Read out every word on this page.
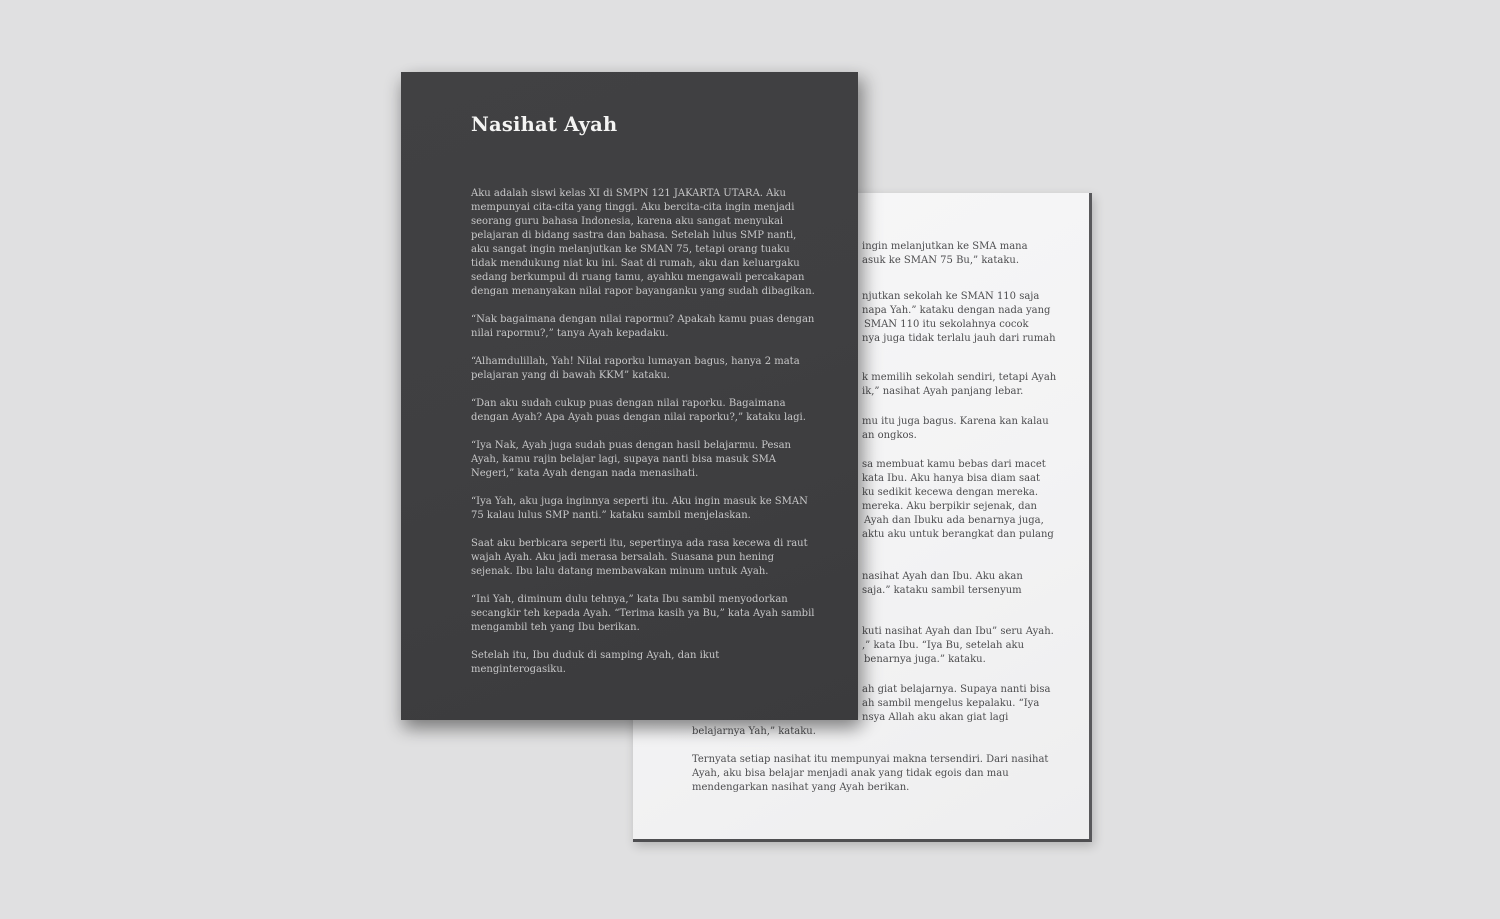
ingin melanjutkan ke SMA mana
asuk ke SMAN 75 Bu,” kataku.
njutkan sekolah ke SMAN 110 saja
napa Yah.” kataku dengan nada yang
SMAN 110 itu sekolahnya cocok
nya juga tidak terlalu jauh dari rumah
k memilih sekolah sendiri, tetapi Ayah
ik,” nasihat Ayah panjang lebar.
mu itu juga bagus. Karena kan kalau
an ongkos.
sa membuat kamu bebas dari macet
kata Ibu. Aku hanya bisa diam saat
ku sedikit kecewa dengan mereka.
mereka. Aku berpikir sejenak, dan
Ayah dan Ibuku ada benarnya juga,
aktu aku untuk berangkat dan pulang
nasihat Ayah dan Ibu. Aku akan
saja.” kataku sambil tersenyum
kuti nasihat Ayah dan Ibu” seru Ayah.
,” kata Ibu. “Iya Bu, setelah aku
benarnya juga.” kataku.
ah giat belajarnya. Supaya nanti bisa
ah sambil mengelus kepalaku. “Iya
nsya Allah aku akan giat lagi
belajarnya Yah,” kataku.
Ternyata setiap nasihat itu mempunyai makna tersendiri. Dari nasihat
Ayah, aku bisa belajar menjadi anak yang tidak egois dan mau
mendengarkan nasihat yang Ayah berikan.
Nasihat Ayah

Aku adalah siswi kelas XI di SMPN 121 JAKARTA UTARA. Aku mempunyai cita-cita yang tinggi. Aku bercita-cita ingin menjadi seorang guru bahasa Indonesia, karena aku sangat menyukai pelajaran di bidang sastra dan bahasa. Setelah lulus SMP nanti, aku sangat ingin melanjutkan ke SMAN 75, tetapi orang tuaku tidak mendukung niat ku ini. Saat di rumah, aku dan keluargaku sedang berkumpul di ruang tamu, ayahku mengawali percakapan dengan menanyakan nilai rapor bayanganku yang sudah dibagikan.

“Nak bagaimana dengan nilai rapormu? Apakah kamu puas dengan nilai rapormu?,” tanya Ayah kepadaku.

“Alhamdulillah, Yah! Nilai raporku lumayan bagus, hanya 2 mata pelajaran yang di bawah KKM” kataku.

“Dan aku sudah cukup puas dengan nilai raporku. Bagaimana dengan Ayah? Apa Ayah puas dengan nilai raporku?,” kataku lagi.

“Iya Nak, Ayah juga sudah puas dengan hasil belajarmu. Pesan Ayah, kamu rajin belajar lagi, supaya nanti bisa masuk SMA Negeri,” kata Ayah dengan nada menasihati.

“Iya Yah, aku juga inginnya seperti itu. Aku ingin masuk ke SMAN 75 kalau lulus SMP nanti.” kataku sambil menjelaskan.

Saat aku berbicara seperti itu, sepertinya ada rasa kecewa di raut wajah Ayah. Aku jadi merasa bersalah. Suasana pun hening sejenak. Ibu lalu datang membawakan minum untuk Ayah.

“Ini Yah, diminum dulu tehnya,” kata Ibu sambil menyodorkan secangkir teh kepada Ayah. “Terima kasih ya Bu,” kata Ayah sambil mengambil teh yang Ibu berikan.

Setelah itu, Ibu duduk di samping Ayah, dan ikut menginterogasiku.
